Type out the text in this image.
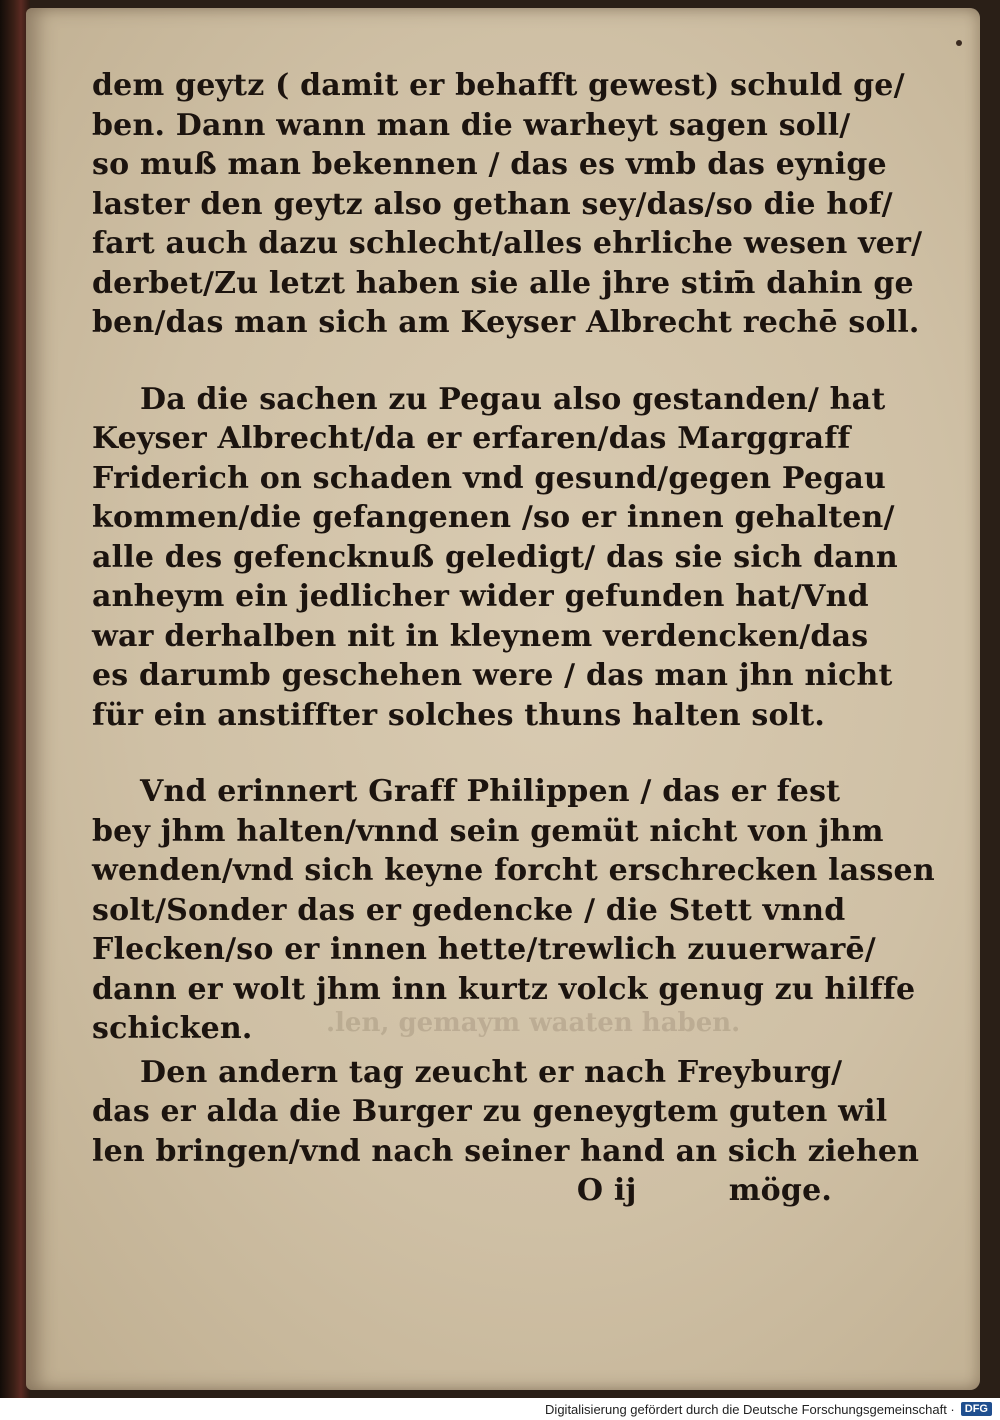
.len, gemaym waaten haben.
dem geytz ( damit er behafft gewest) schuld ge/
ben. Dann wann man die warheyt sagen soll/
so muß man bekennen / das es vmb das eynige
laster den geytz also gethan sey/das/so die hof/
fart auch dazu schlecht/alles ehrliche wesen ver/
derbet/Zu letzt haben sie alle jhre stim̄ dahin ge
ben/das man sich am Keyser Albrecht rechē soll.
Da die sachen zu Pegau also gestanden/ hat
Keyser Albrecht/da er erfaren/das Marggraff
Friderich on schaden vnd gesund/gegen Pegau
kommen/die gefangenen /so er innen gehalten/
alle des gefencknuß geledigt/ das sie sich dann
anheym ein jedlicher wider gefunden hat/Vnd
war derhalben nit in kleynem verdencken/das
es darumb geschehen were / das man jhn nicht
für ein anstiffter solches thuns halten solt.
Vnd erinnert Graff Philippen / das er fest
bey jhm halten/vnnd sein gemüt nicht von jhm
wenden/vnd sich keyne forcht erschrecken lassen
solt/Sonder das er gedencke / die Stett vnnd
Flecken/so er innen hette/trewlich zuuerwarē/
dann er wolt jhm inn kurtz volck genug zu hilffe
schicken.
Den andern tag zeucht er nach Freyburg/
das er alda die Burger zu geneygtem guten wil
len bringen/vnd nach seiner hand an sich ziehen
O ij	möge.
Digitalisierung gefördert durch die Deutsche Forschungsgemeinschaft · DFG
